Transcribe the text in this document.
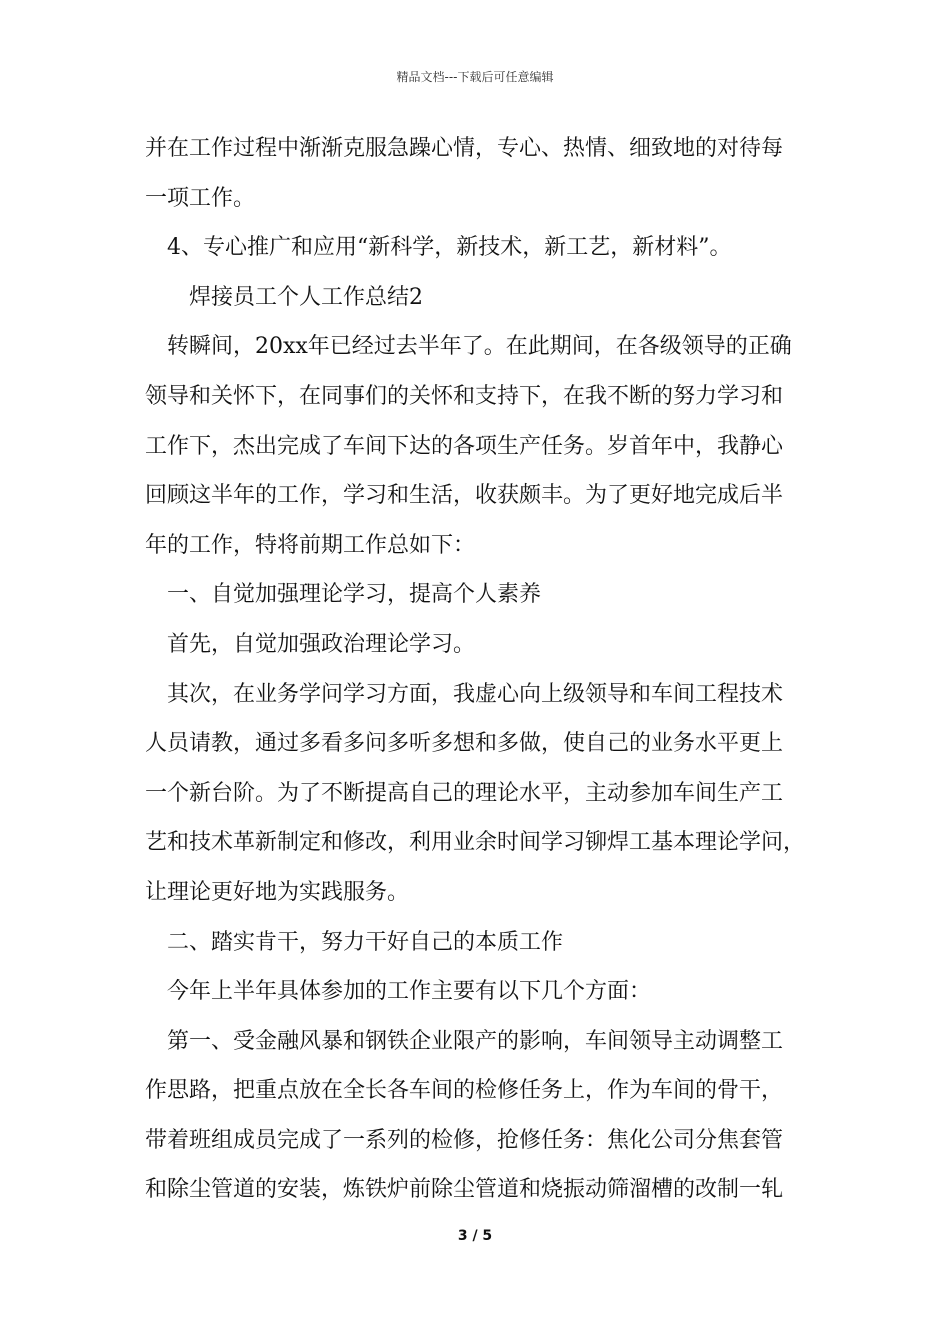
精品文档---下载后可任意编辑
并在工作过程中渐渐克服急躁心情，专心、热情、细致地的对待每
一项工作。
4、专心推广和应用“新科学，新技术，新工艺，新材料”。
焊接员工个人工作总结2
转瞬间，20xx年已经过去半年了。在此期间，在各级领导的正确
领导和关怀下，在同事们的关怀和支持下，在我不断的努力学习和
工作下，杰出完成了车间下达的各项生产任务。岁首年中，我静心
回顾这半年的工作，学习和生活，收获颇丰。为了更好地完成后半
年的工作，特将前期工作总如下：
一、自觉加强理论学习，提高个人素养
首先，自觉加强政治理论学习。
其次，在业务学问学习方面，我虚心向上级领导和车间工程技术
人员请教，通过多看多问多听多想和多做，使自己的业务水平更上
一个新台阶。为了不断提高自己的理论水平，主动参加车间生产工
艺和技术革新制定和修改，利用业余时间学习铆焊工基本理论学问，
让理论更好地为实践服务。
二、踏实肯干，努力干好自己的本质工作
今年上半年具体参加的工作主要有以下几个方面：
第一、受金融风暴和钢铁企业限产的影响，车间领导主动调整工
作思路，把重点放在全长各车间的检修任务上，作为车间的骨干，
带着班组成员完成了一系列的检修，抢修任务：焦化公司分焦套管
和除尘管道的安装，炼铁炉前除尘管道和烧振动筛溜槽的改制一轧
3 / 5
